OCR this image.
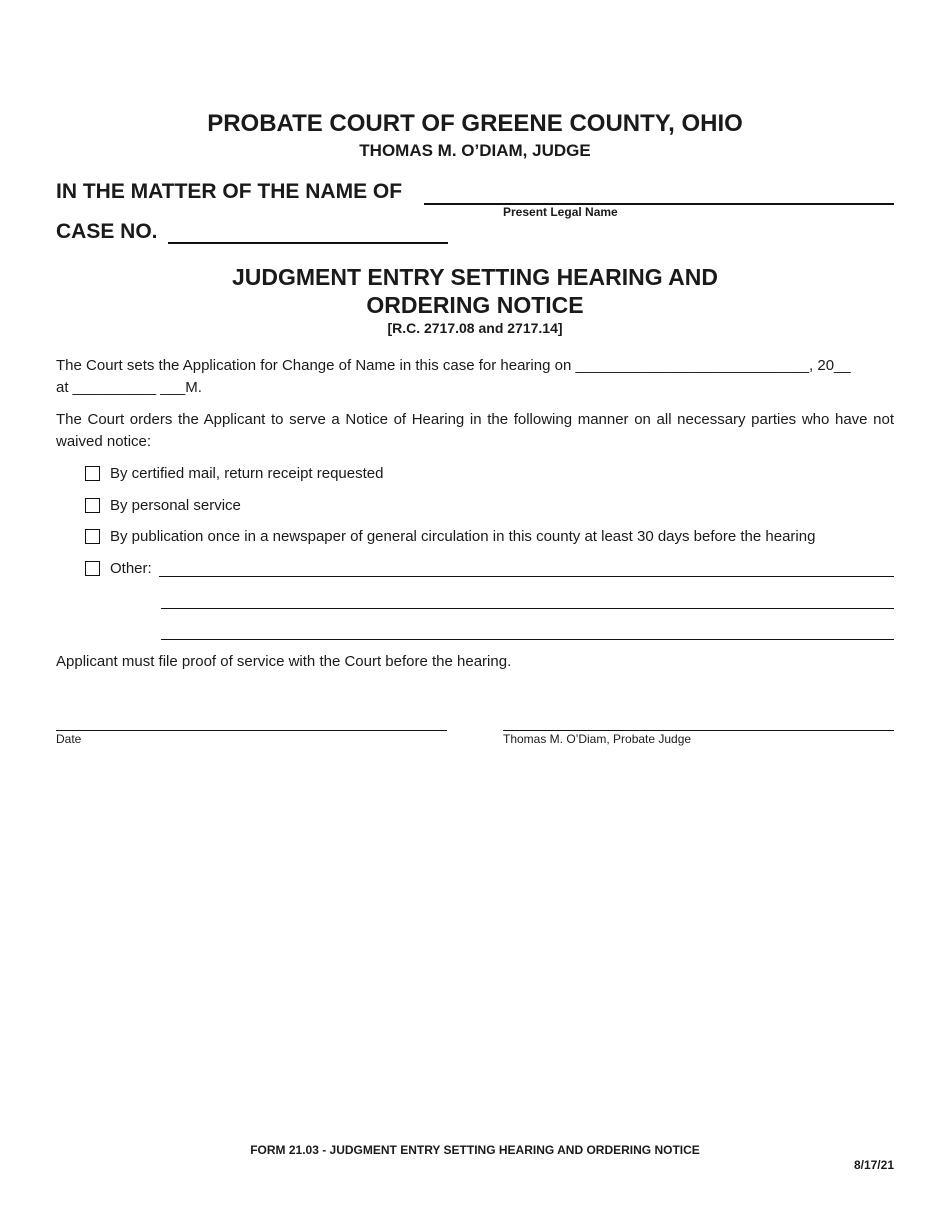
PROBATE COURT OF GREENE COUNTY, OHIO
THOMAS M. O’DIAM, JUDGE
IN THE MATTER OF THE NAME OF
Present Legal Name
CASE NO.
JUDGMENT ENTRY SETTING HEARING AND
ORDERING NOTICE
[R.C. 2717.08 and 2717.14]
The Court sets the Application for Change of Name in this case for hearing on ____________________________, 20__
at __________ ___M.
The Court orders the Applicant to serve a Notice of Hearing in the following manner on all necessary parties who have not waived notice:
By certified mail, return receipt requested
By personal service
By publication once in a newspaper of general circulation in this county at least 30 days before the hearing
Other:
Applicant must file proof of service with the Court before the hearing.
Date	Thomas M. O’Diam, Probate Judge
FORM 21.03 - JUDGMENT ENTRY SETTING HEARING AND ORDERING NOTICE
8/17/21
